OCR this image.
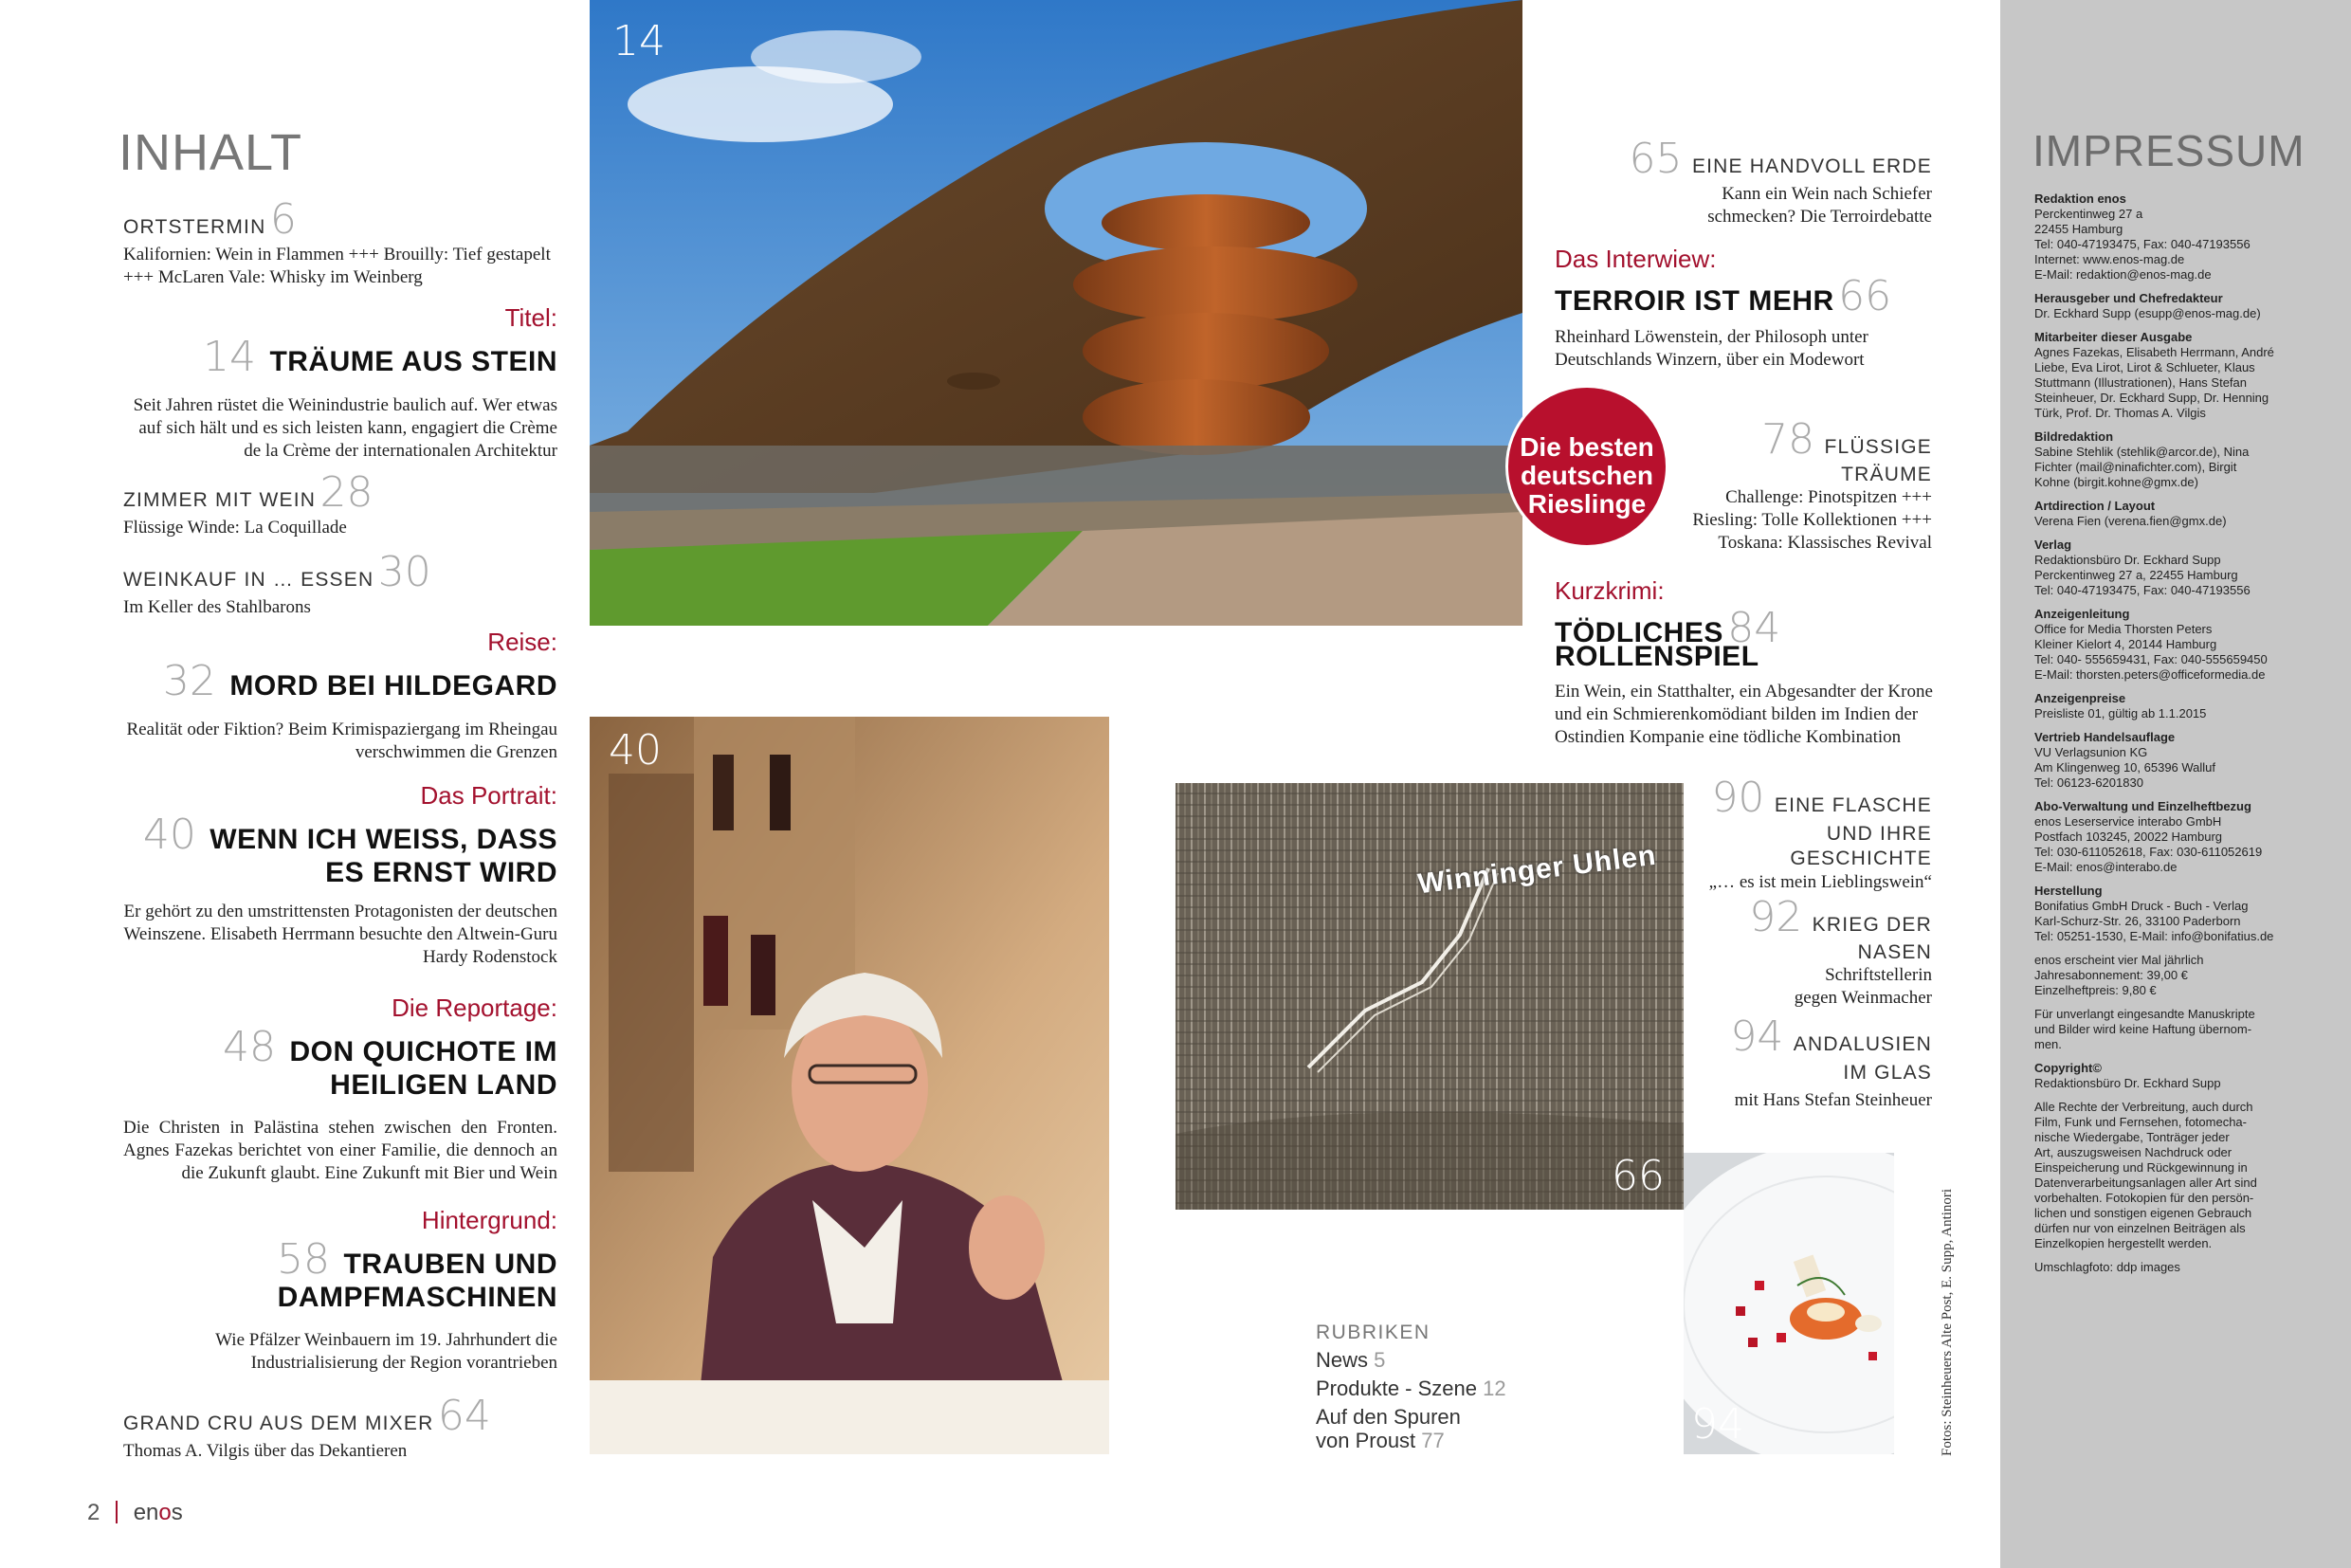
INHALT
ORTSTERMIN 6
Kalifornien: Wein in Flammen +++ Brouilly: Tief gestapelt +++ McLaren Vale: Whisky im Weinberg
Titel:
14 TRÄUME AUS STEIN
Seit Jahren rüstet die Weinindustrie baulich auf. Wer etwas auf sich hält und es sich leisten kann, engagiert die Crème de la Crème der internationalen Architektur
ZIMMER MIT WEIN 28
Flüssige Winde: La Coquillade
WEINKAUF IN … ESSEN 30
Im Keller des Stahlbarons
Reise:
32 MORD BEI HILDEGARD
Realität oder Fiktion? Beim Krimispaziergang im Rheingau verschwimmen die Grenzen
Das Portrait:
40 WENN ICH WEISS, DASS
ES ERNST WIRD
Er gehört zu den umstrittensten Protagonisten der deutschen Weinszene. Elisabeth Herrmann besuchte den Altwein-Guru Hardy Rodenstock
Die Reportage:
48 DON QUICHOTE IM
HEILIGEN LAND
Die Christen in Palästina stehen zwischen den Fronten. Agnes Fazekas berichtet von einer Familie, die dennoch an die Zukunft glaubt. Eine Zukunft mit Bier und Wein
Hintergrund:
58 TRAUBEN UND
DAMPFMASCHINEN
Wie Pfälzer Weinbauern im 19. Jahrhundert die Industrialisierung der Region vorantrieben
GRAND CRU AUS DEM MIXER 64
Thomas A. Vilgis über das Dekantieren
2 enos
14
40
Winninger Uhlen
66
94	Fotos: Steinheuers Alte Post, E. Supp, Antinori
65 EINE HANDVOLL ERDE
Kann ein Wein nach Schiefer
schmecken? Die Terroirdebatte
Das Interwiew:
TERROIR IST MEHR 66
Rheinhard Löwenstein, der Philosoph unter
Deutschlands Winzern, über ein Modewort
Die besten
deutschen
Rieslinge
78 FLÜSSIGE TRÄUME
Challenge: Pinotspitzen +++
Riesling: Tolle Kollektionen +++
Toskana: Klassisches Revival
Kurzkrimi:
TÖDLICHES 84
ROLLENSPIEL
Ein Wein, ein Statthalter, ein Abgesandter der Krone und ein Schmierenkomödiant bilden im Indien der Ostindien Kompanie eine tödliche Kombination
90 EINE FLASCHE
UND IHRE GESCHICHTE
„… es ist mein Lieblingswein“
92 KRIEG DER NASEN
Schriftstellerin
gegen Weinmacher
94 ANDALUSIEN
IM GLAS
mit Hans Stefan Steinheuer
RUBRIKEN
News 5
Produkte - Szene 12
Auf den Spuren
von Proust 77
IMPRESSUM
Redaktion enos
Perckentinweg 27 a
22455 Hamburg
Tel: 040-47193475, Fax: 040-47193556
Internet: www.enos-mag.de
E-Mail: redaktion@enos-mag.de
Herausgeber und Chefredakteur
Dr. Eckhard Supp (esupp@enos-mag.de)
Mitarbeiter dieser Ausgabe
Agnes Fazekas, Elisabeth Herrmann, André
Liebe, Eva Lirot, Lirot & Schlueter, Klaus
Stuttmann (Illustrationen), Hans Stefan
Steinheuer, Dr. Eckhard Supp, Dr. Henning
Türk, Prof. Dr. Thomas A. Vilgis
Bildredaktion
Sabine Stehlik (stehlik@arcor.de), Nina
Fichter (mail@ninafichter.com), Birgit
Kohne (birgit.kohne@gmx.de)
Artdirection / Layout
Verena Fien (verena.fien@gmx.de)
Verlag
Redaktionsbüro Dr. Eckhard Supp
Perckentinweg 27 a, 22455 Hamburg
Tel: 040-47193475, Fax: 040-47193556
Anzeigenleitung
Office for Media Thorsten Peters
Kleiner Kielort 4, 20144 Hamburg
Tel: 040- 555659431, Fax: 040-555659450
E-Mail: thorsten.peters@officeformedia.de
Anzeigenpreise
Preisliste 01, gültig ab 1.1.2015
Vertrieb Handelsauflage
VU Verlagsunion KG
Am Klingenweg 10, 65396 Walluf
Tel: 06123-6201830
Abo-Verwaltung und Einzelheftbezug
enos Leserservice interabo GmbH
Postfach 103245, 20022 Hamburg
Tel: 030-611052618, Fax: 030-611052619
E-Mail: enos@interabo.de
Herstellung
Bonifatius GmbH Druck - Buch - Verlag
Karl-Schurz-Str. 26, 33100 Paderborn
Tel: 05251-1530, E-Mail: info@bonifatius.de
enos erscheint vier Mal jährlich
Jahresabonnement: 39,00 €
Einzelheftpreis: 9,80 €
Für unverlangt eingesandte Manuskripte
und Bilder wird keine Haftung übernom-
men.
Copyright©
Redaktionsbüro Dr. Eckhard Supp
Alle Rechte der Verbreitung, auch durch
Film, Funk und Fernsehen, fotomecha-
nische Wiedergabe, Tonträger jeder
Art, auszugsweisen Nachdruck oder
Einspeicherung und Rückgewinnung in
Datenverarbeitungsanlagen aller Art sind
vorbehalten. Fotokopien für den persön-
lichen und sonstigen eigenen Gebrauch
dürfen nur von einzelnen Beiträgen als
Einzelkopien hergestellt werden.
Umschlagfoto: ddp images
